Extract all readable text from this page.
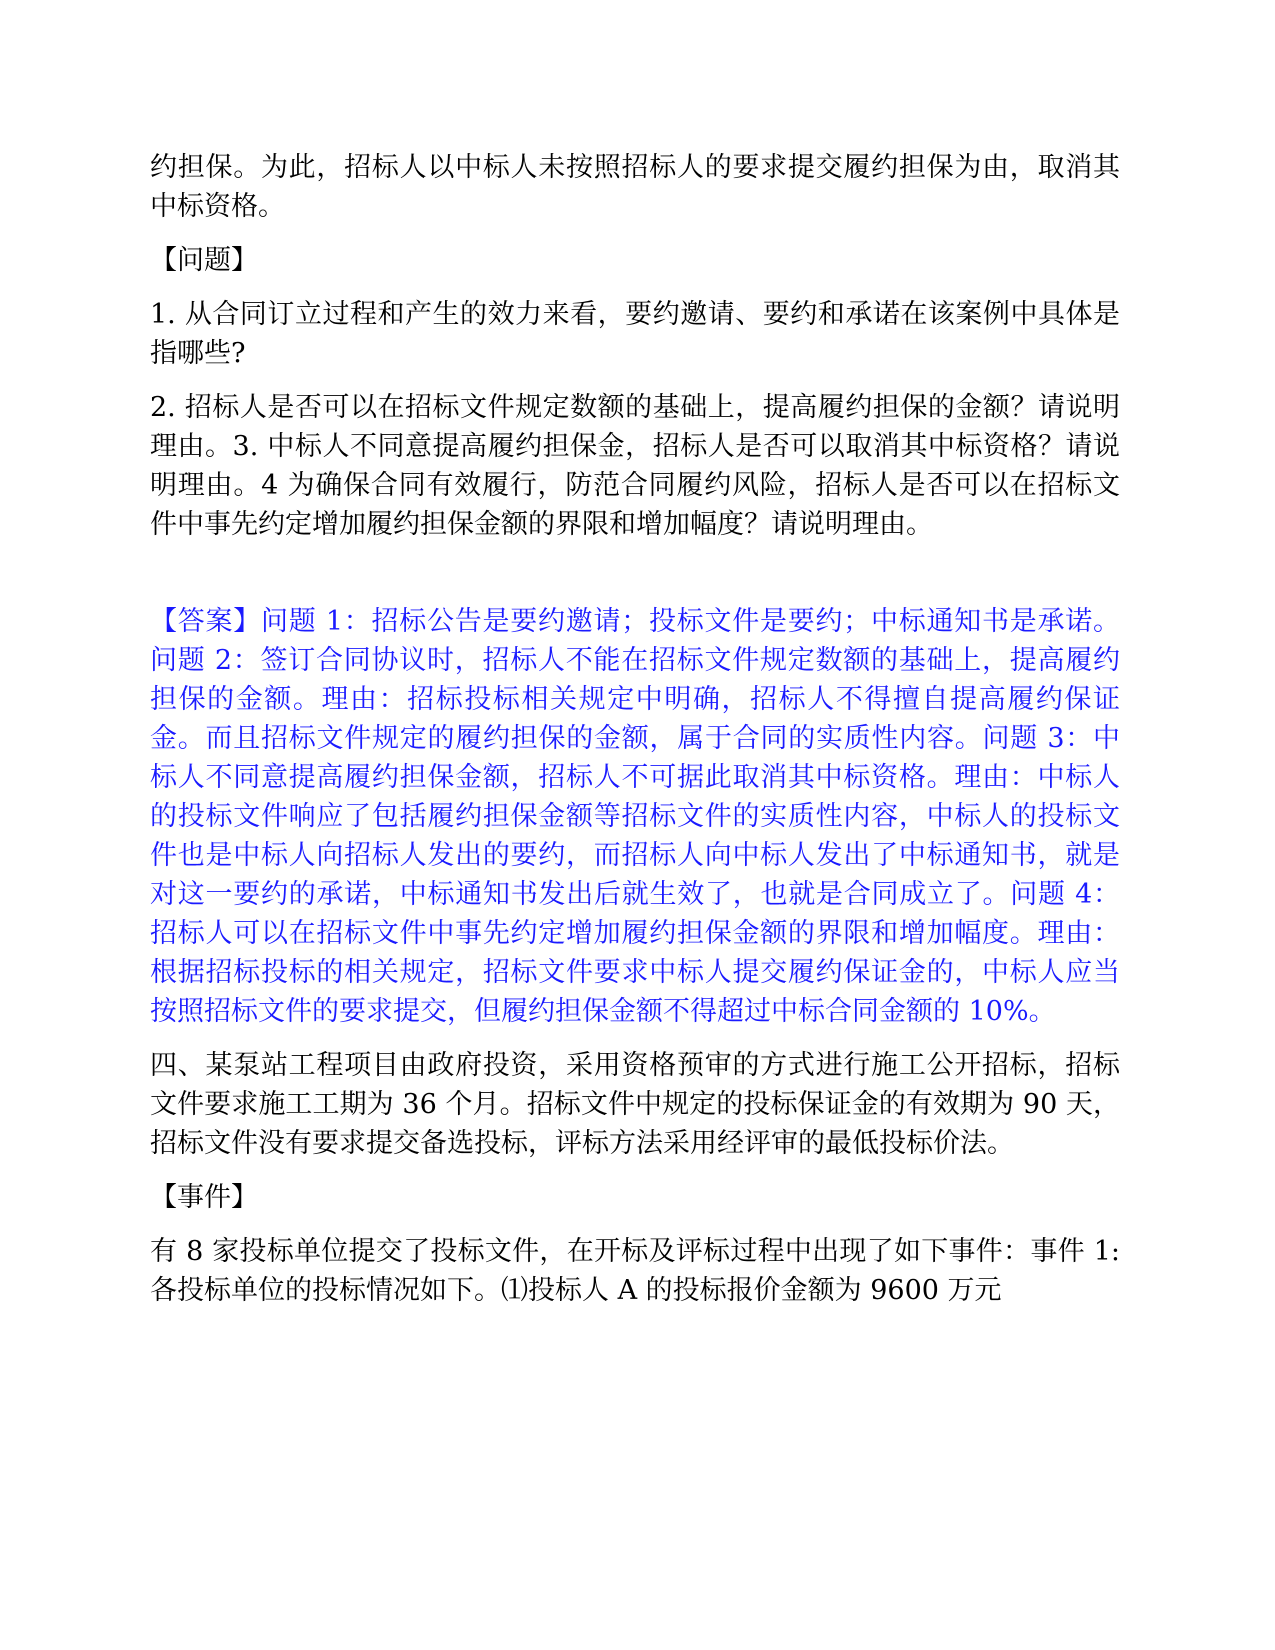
约担保。为此，招标人以中标人未按照招标人的要求提交履约担保为由，取消其中标资格。

【问题】

1. 从合同订立过程和产生的效力来看，要约邀请、要约和承诺在该案例中具体是指哪些?

2. 招标人是否可以在招标文件规定数额的基础上，提高履约担保的金额？请说明理由。3. 中标人不同意提高履约担保金，招标人是否可以取消其中标资格？请说明理由。4 为确保合同有效履行，防范合同履约风险，招标人是否可以在招标文件中事先约定增加履约担保金额的界限和增加幅度？请说明理由。

【答案】问题 1：招标公告是要约邀请；投标文件是要约；中标通知书是承诺。问题 2：签订合同协议时，招标人不能在招标文件规定数额的基础上，提高履约担保的金额。理由：招标投标相关规定中明确，招标人不得擅自提高履约保证金。而且招标文件规定的履约担保的金额，属于合同的实质性内容。问题 3：中标人不同意提高履约担保金额，招标人不可据此取消其中标资格。理由：中标人的投标文件响应了包括履约担保金额等招标文件的实质性内容，中标人的投标文件也是中标人向招标人发出的要约，而招标人向中标人发出了中标通知书，就是对这一要约的承诺，中标通知书发出后就生效了，也就是合同成立了。问题 4：招标人可以在招标文件中事先约定增加履约担保金额的界限和增加幅度。理由：根据招标投标的相关规定，招标文件要求中标人提交履约保证金的，中标人应当按照招标文件的要求提交，但履约担保金额不得超过中标合同金额的 10%。

四、某泵站工程项目由政府投资，采用资格预审的方式进行施工公开招标，招标文件要求施工工期为 36 个月。招标文件中规定的投标保证金的有效期为 90 天，招标文件没有要求提交备选投标，评标方法采用经评审的最低投标价法。

【事件】

有 8 家投标单位提交了投标文件，在开标及评标过程中出现了如下事件：事件 1:各投标单位的投标情况如下。⑴投标人 A 的投标报价金额为 9600 万元
